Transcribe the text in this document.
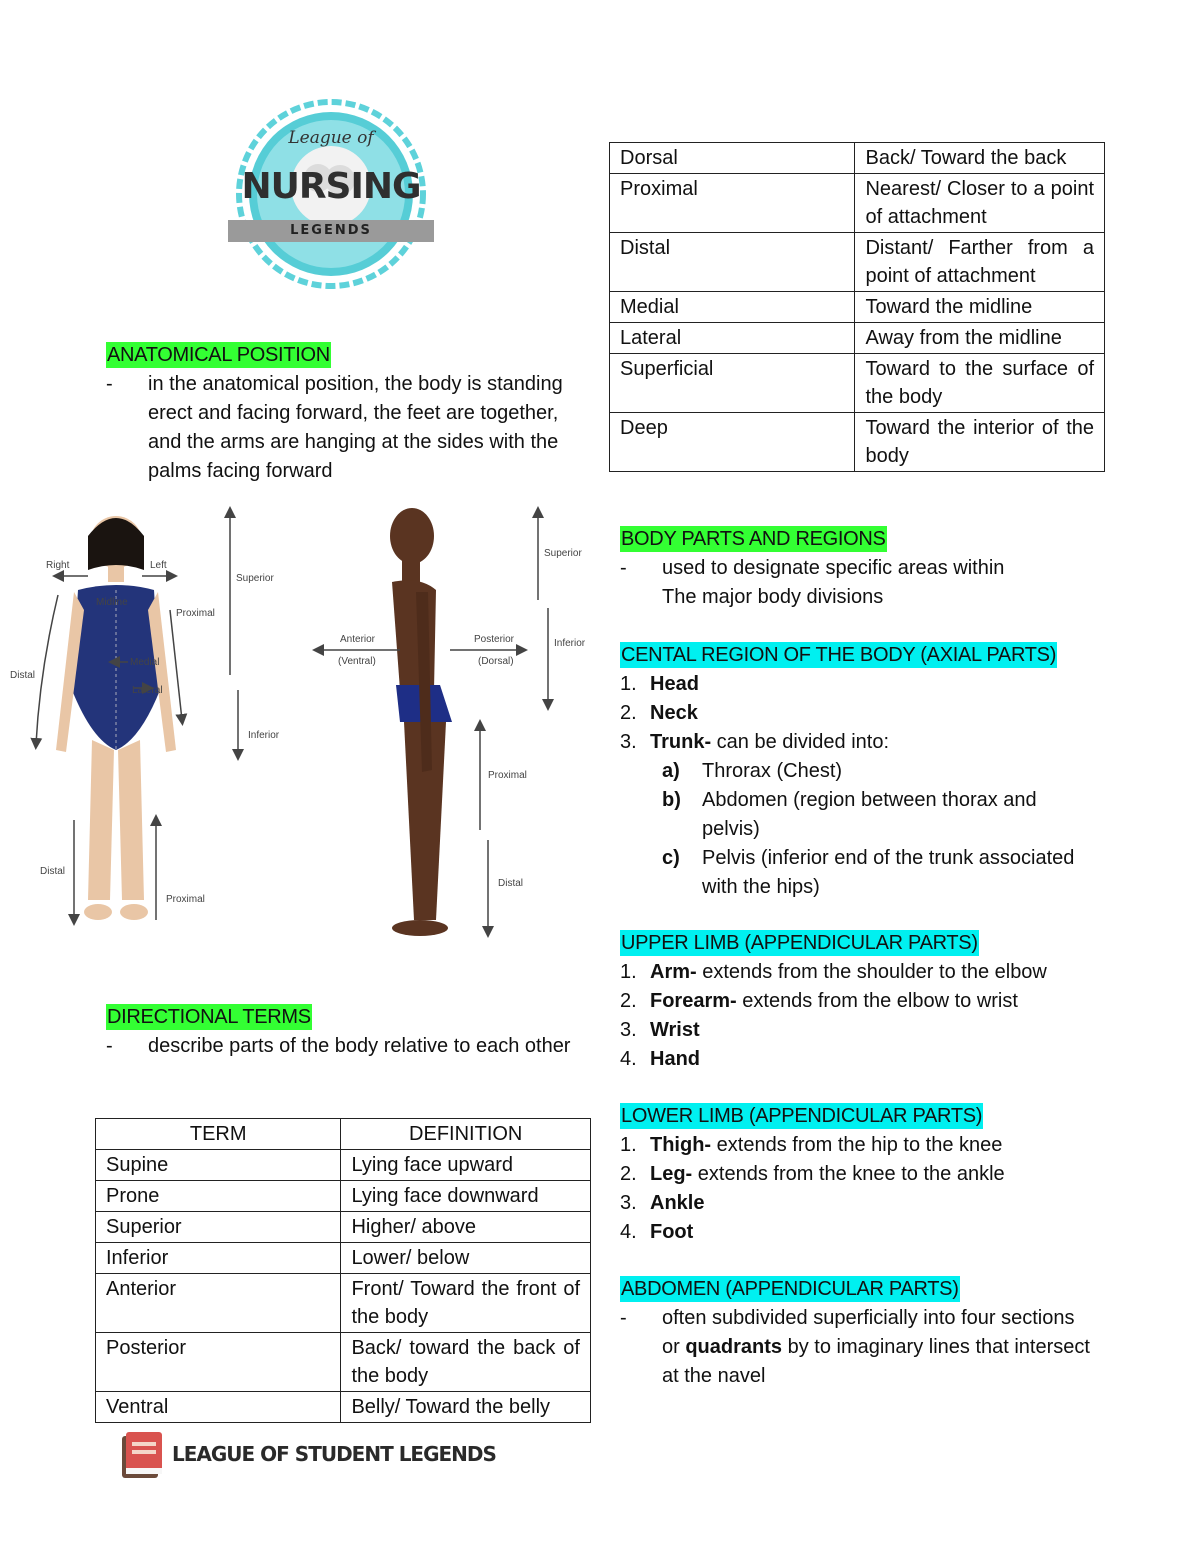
League of
NURSING
LEGENDS
ANATOMICAL POSITION
- in the anatomical position, the body is standing erect and facing forward, the feet are together, and the arms are hanging at the sides with the palms facing forward
Right	Left
Midline
Superior
Proximal
Medial
Lateral
Distal
Inferior
Distal
Proximal
Anterior
(Ventral)
Posterior
(Dorsal)
Superior
Inferior
Proximal
Distal
DIRECTIONAL TERMS
- describe parts of the body relative to each other
TERM	DEFINITION
Supine	Lying face upward
Prone	Lying face downward
Superior	Higher/ above
Inferior	Lower/ below
Anterior	Front/ Toward the front of the body
Posterior	Back/ toward the back of the body
Ventral	Belly/ Toward the belly
LEAGUE OF STUDENT LEGENDS
Dorsal	Back/ Toward the back
Proximal	Nearest/ Closer to a point of attachment
Distal	Distant/ Farther from a point of attachment
Medial	Toward the midline
Lateral	Away from the midline
Superficial	Toward to the surface of the body
Deep	Toward the interior of the body
BODY PARTS AND REGIONS
- used to designate specific areas within
The major body divisions
CENTAL REGION OF THE BODY (AXIAL PARTS)
1. Head
2. Neck
3. Trunk- can be divided into:
a) Throrax (Chest)
b) Abdomen (region between thorax and pelvis)
c) Pelvis (inferior end of the trunk associated with the hips)
UPPER LIMB (APPENDICULAR PARTS)
1. Arm- extends from the shoulder to the elbow
2. Forearm- extends from the elbow to wrist
3. Wrist
4. Hand
LOWER LIMB (APPENDICULAR PARTS)
1. Thigh- extends from the hip to the knee
2. Leg- extends from the knee to the ankle
3. Ankle
4. Foot
ABDOMEN (APPENDICULAR PARTS)
- often subdivided superficially into four sections or quadrants by to imaginary lines that intersect at the navel
